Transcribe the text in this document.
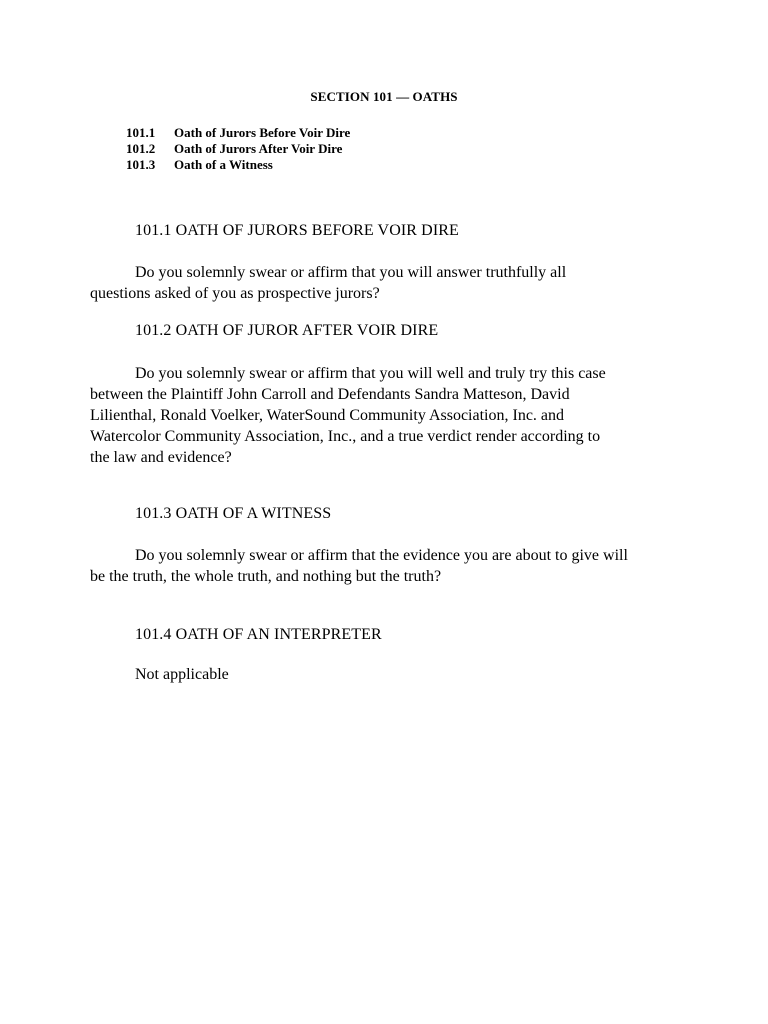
SECTION 101 — OATHS
101.1	Oath of Jurors Before Voir Dire
101.2	Oath of Jurors After Voir Dire
101.3	Oath of a Witness
101.1 OATH OF JURORS BEFORE VOIR DIRE
Do you solemnly swear or affirm that you will answer truthfully all
questions asked of you as prospective jurors?
101.2 OATH OF JUROR AFTER VOIR DIRE
Do you solemnly swear or affirm that you will well and truly try this case
between the Plaintiff John Carroll and Defendants Sandra Matteson, David
Lilienthal, Ronald Voelker, WaterSound Community Association, Inc. and
Watercolor Community Association, Inc., and a true verdict render according to
the law and evidence?
101.3 OATH OF A WITNESS
Do you solemnly swear or affirm that the evidence you are about to give will
be the truth, the whole truth, and nothing but the truth?
101.4 OATH OF AN INTERPRETER
Not applicable
